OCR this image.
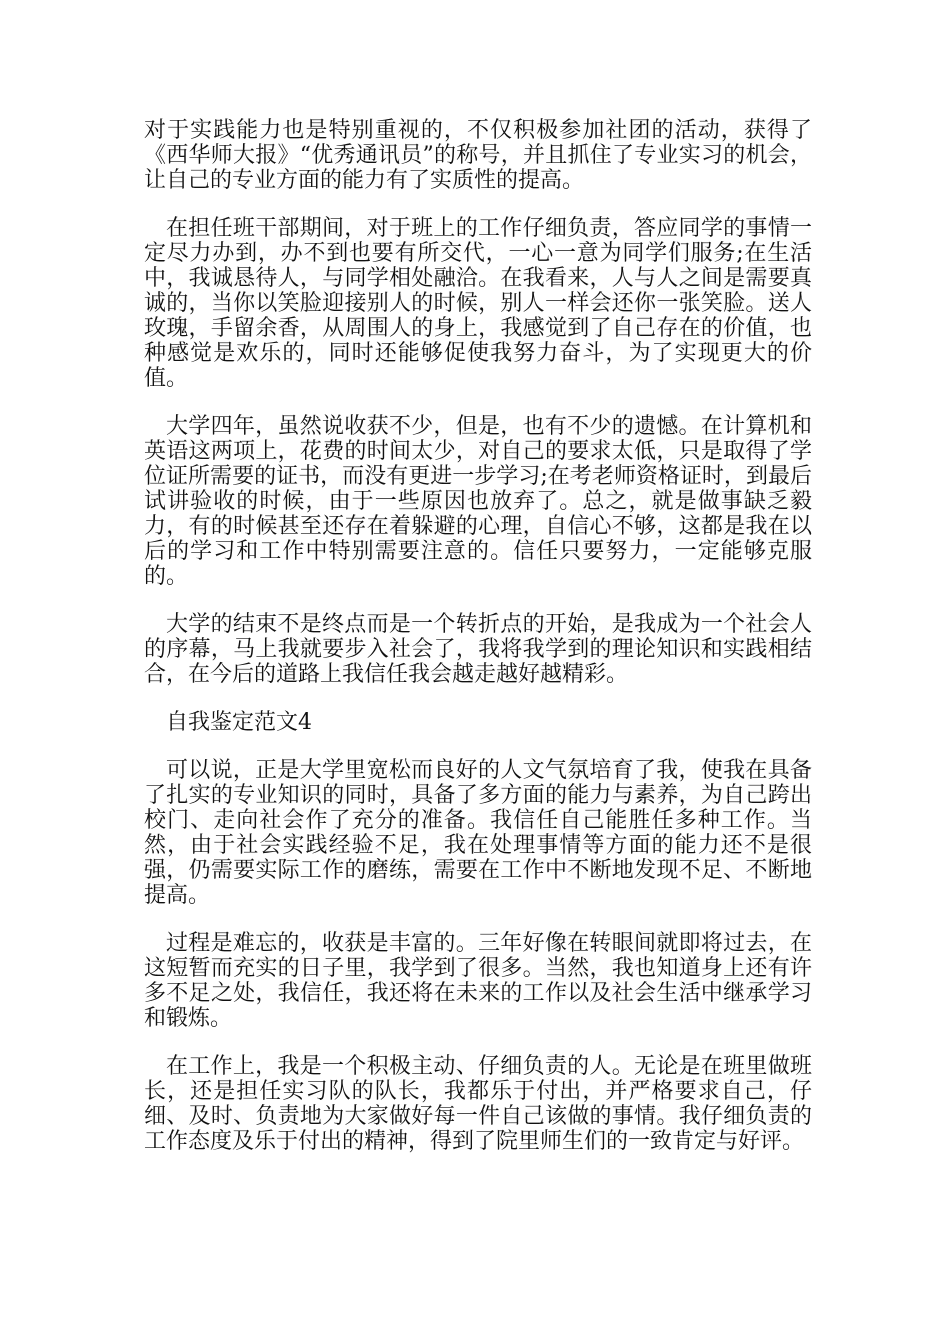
对于实践能力也是特别重视的，不仅积极参加社团的活动，获得了《西华师大报》“优秀通讯员”的称号，并且抓住了专业实习的机会，让自己的专业方面的能力有了实质性的提高。

在担任班干部期间，对于班上的工作仔细负责，答应同学的事情一定尽力办到，办不到也要有所交代，一心一意为同学们服务;在生活中，我诚恳待人，与同学相处融洽。在我看来，人与人之间是需要真诚的，当你以笑脸迎接别人的时候，别人一样会还你一张笑脸。送人玫瑰，手留余香，从周围人的身上，我感觉到了自己存在的价值，也种感觉是欢乐的，同时还能够促使我努力奋斗，为了实现更大的价值。

大学四年，虽然说收获不少，但是，也有不少的遗憾。在计算机和英语这两项上，花费的时间太少，对自己的要求太低，只是取得了学位证所需要的证书，而没有更进一步学习;在考老师资格证时，到最后试讲验收的时候，由于一些原因也放弃了。总之，就是做事缺乏毅力，有的时候甚至还存在着躲避的心理，自信心不够，这都是我在以后的学习和工作中特别需要注意的。信任只要努力，一定能够克服的。

大学的结束不是终点而是一个转折点的开始，是我成为一个社会人的序幕，马上我就要步入社会了，我将我学到的理论知识和实践相结合，在今后的道路上我信任我会越走越好越精彩。

自我鉴定范文4

可以说，正是大学里宽松而良好的人文气氛培育了我，使我在具备了扎实的专业知识的同时，具备了多方面的能力与素养，为自己跨出校门、走向社会作了充分的准备。我信任自己能胜任多种工作。当然，由于社会实践经验不足，我在处理事情等方面的能力还不是很强，仍需要实际工作的磨练，需要在工作中不断地发现不足、不断地提高。

过程是难忘的，收获是丰富的。三年好像在转眼间就即将过去，在这短暂而充实的日子里，我学到了很多。当然，我也知道身上还有许多不足之处，我信任，我还将在未来的工作以及社会生活中继承学习和锻炼。

在工作上，我是一个积极主动、仔细负责的人。无论是在班里做班长，还是担任实习队的队长，我都乐于付出，并严格要求自己，仔细、及时、负责地为大家做好每一件自己该做的事情。我仔细负责的工作态度及乐于付出的精神，得到了院里师生们的一致肯定与好评。
